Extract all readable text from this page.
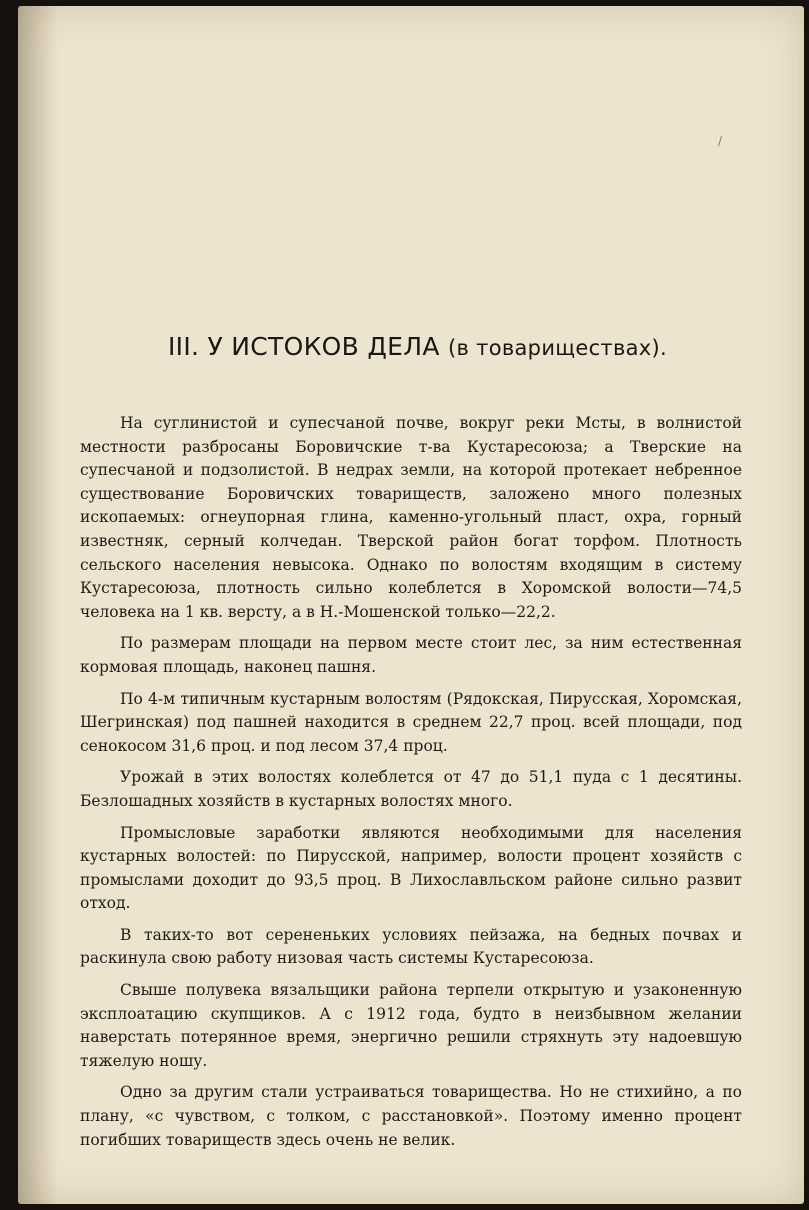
/
III. У ИСТОКОВ ДЕЛА (в товариществах).

На суглинистой и супесчаной почве, вокруг реки Мсты, в волнистой местности разбросаны Боровичские т‑ва Кустаресоюза; а Тверские на супесчаной и подзолистой. В недрах земли, на которой протекает небренное существование Боровичских товариществ, заложено много полезных ископаемых: огнеупорная глина, каменно‑угольный пласт, охра, горный известняк, серный колчедан. Тверской район богат торфом. Плотность сельского населения невысока. Однако по волостям входящим в систему Кустаресоюза, плотность сильно колеблется в Хоромской волости—74,5 человека на 1 кв. версту, а в Н.‑Мошенской только—22,2.

По размерам площади на первом месте стоит лес, за ним естественная кормовая площадь, наконец пашня.

По 4‑м типичным кустарным волостям (Рядокская, Пирусская, Хоромская, Шегринская) под пашней находится в среднем 22,7 проц. всей площади, под сенокосом 31,6 проц. и под лесом 37,4 проц.

Урожай в этих волостях колеблется от 47 до 51,1 пуда с 1 десятины. Безлошадных хозяйств в кустарных волостях много.

Промысловые заработки являются необходимыми для населения кустарных волостей: по Пирусской, например, волости процент хозяйств с промыслами доходит до 93,5 проц. В Лихославльском районе сильно развит отход.

В таких‑то вот серененьких условиях пейзажа, на бедных почвах и раскинула свою работу низовая часть системы Кустаресоюза.

Свыше полувека вязальщики района терпели открытую и узаконенную эксплоатацию скупщиков. А с 1912 года, будто в неизбывном желании наверстать потерянное время, энергично решили стряхнуть эту надоевшую тяжелую ношу.

Одно за другим стали устраиваться товарищества. Но не стихийно, а по плану, «с чувством, с толком, с расстановкой». Поэтому именно процент погибших товариществ здесь очень не велик.
